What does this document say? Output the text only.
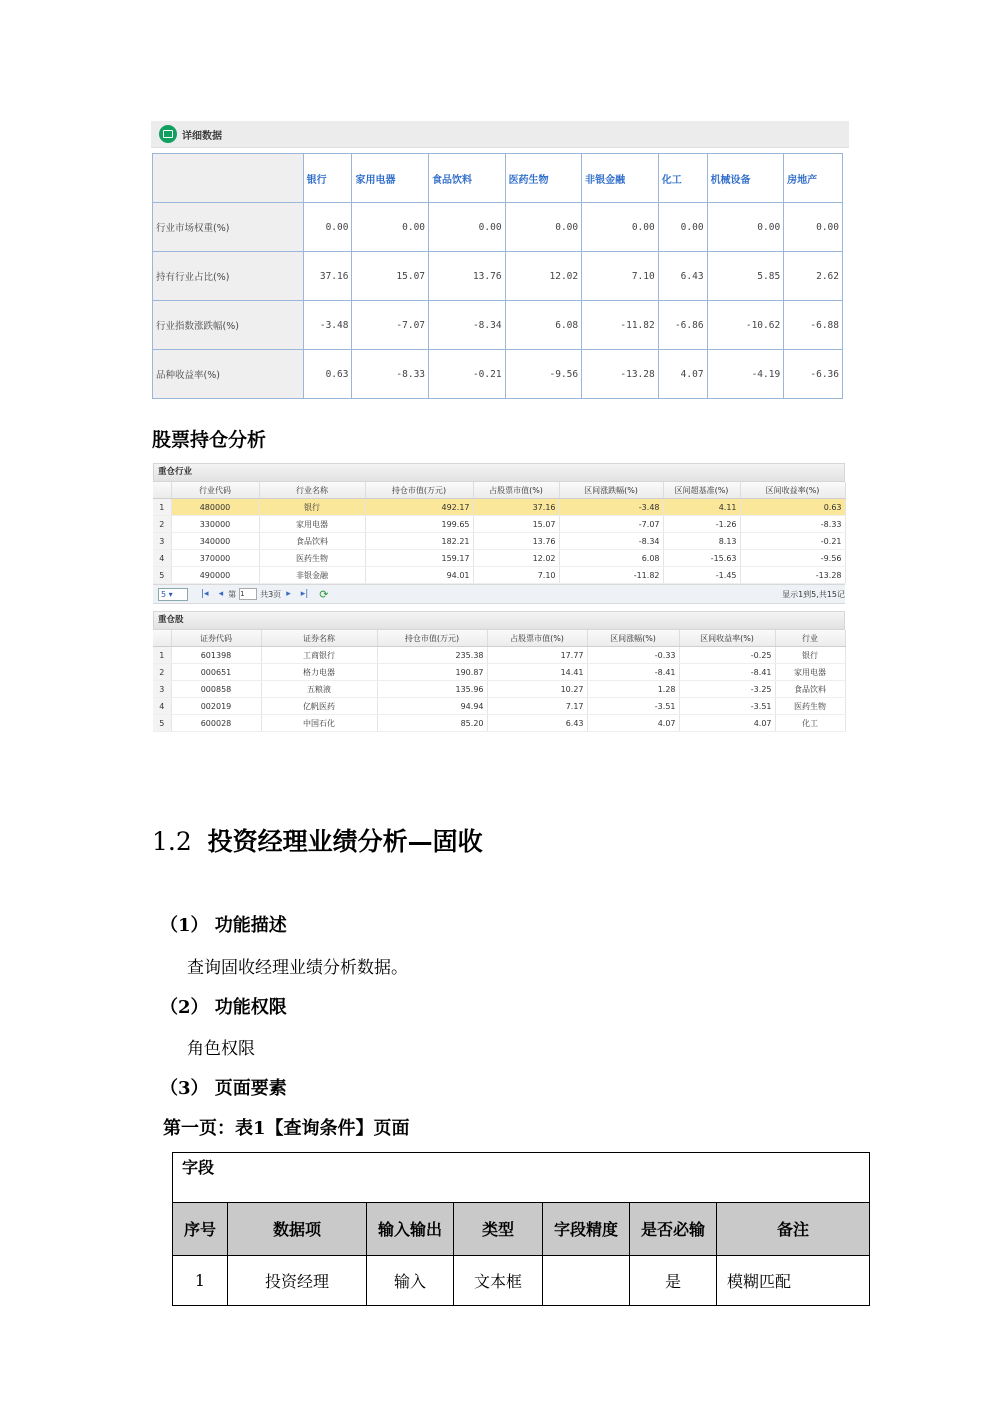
详细数据
	银行	家用电器	食品饮料	医药生物	非银金融	化工	机械设备	房地产
行业市场权重(%)	0.00	0.00	0.00	0.00	0.00	0.00	0.00	0.00
持有行业占比(%)	37.16	15.07	13.76	12.02	7.10	6.43	5.85	2.62
行业指数涨跌幅(%)	-3.48	-7.07	-8.34	6.08	-11.82	-6.86	-10.62	-6.88
品种收益率(%)	0.63	-8.33	-0.21	-9.56	-13.28	4.07	-4.19	-6.36
股票持仓分析
重仓行业
	行业代码	行业名称	持仓市值(万元)	占股票市值(%)	区间涨跌幅(%)	区间超基准(%)	区间收益率(%)
1	480000	银行	492.17	37.16	-3.48	4.11	0.63
2	330000	家用电器	199.65	15.07	-7.07	-1.26	-8.33
3	340000	食品饮料	182.21	13.76	-8.34	8.13	-0.21
4	370000	医药生物	159.17	12.02	6.08	-15.63	-9.56
5	490000	非银金融	94.01	7.10	-11.82	-1.45	-13.28
5 ▾	|◂ ◂ 第 1	共3页 ▸ ▸| ⟳	显示1到5,共15记
重仓股
	证券代码	证券名称	持仓市值(万元)	占股票市值(%)	区间涨幅(%)	区间收益率(%)	行业
1	601398	工商银行	235.38	17.77	-0.33	-0.25	银行
2	000651	格力电器	190.87	14.41	-8.41	-8.41	家用电器
3	000858	五粮液	135.96	10.27	1.28	-3.25	食品饮料
4	002019	亿帆医药	94.94	7.17	-3.51	-3.51	医药生物
5	600028	中国石化	85.20	6.43	4.07	4.07	化工
1.2 投资经理业绩分析—固收
（1） 功能描述
查询固收经理业绩分析数据。
（2） 功能权限
角色权限
（3） 页面要素
第一页：表1【查询条件】页面
字段						
序号	数据项	输入输出	类型	字段精度	是否必输	备注
1	投资经理	输入	文本框		是	模糊匹配
